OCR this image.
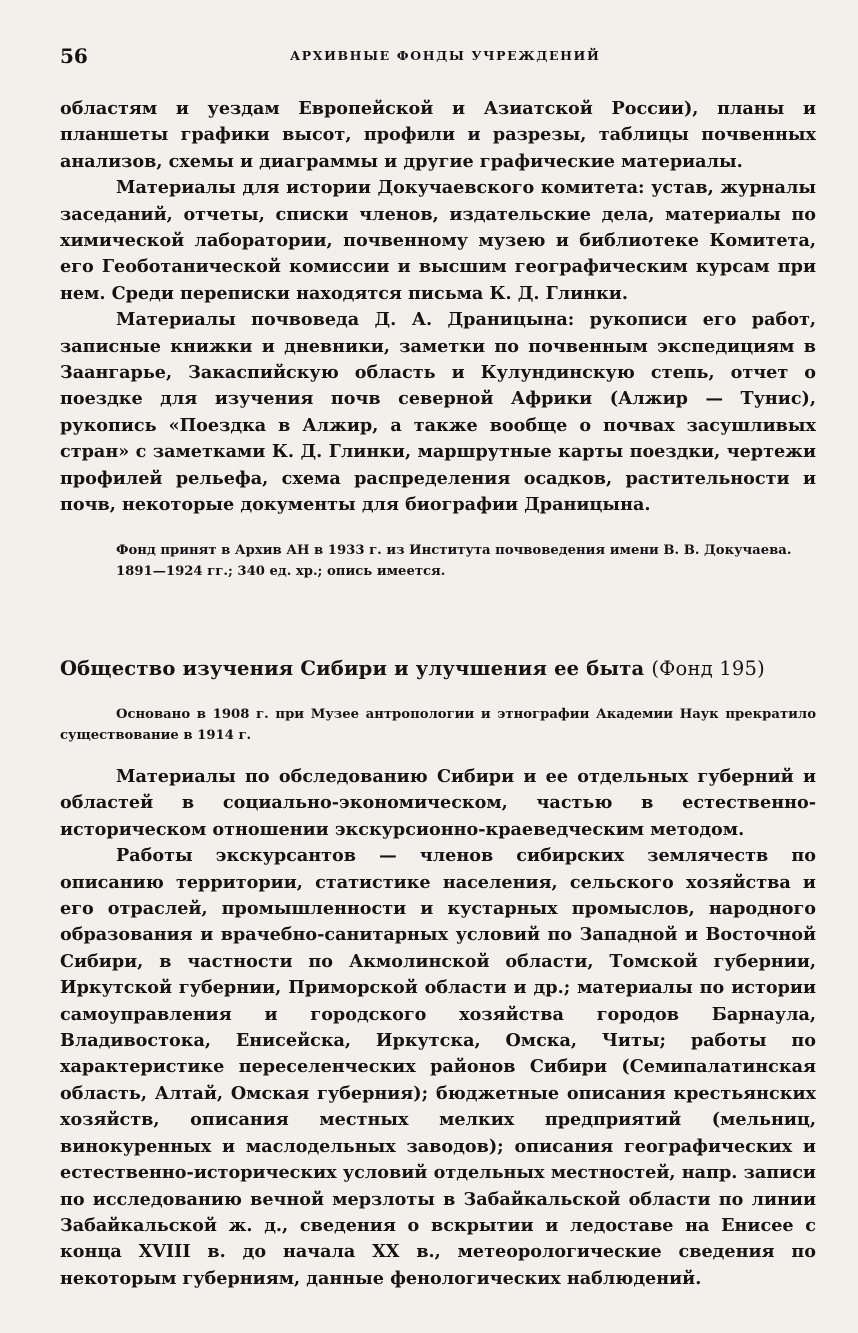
56	АРХИВНЫЕ ФОНДЫ УЧРЕЖДЕНИЙ

областям и уездам Европейской и Азиатской России), планы и планшеты графики высот, профили и разрезы, таблицы почвенных анализов, схемы и диаграммы и другие графические материалы.

Материалы для истории Докучаевского комитета: устав, журналы заседаний, отчеты, списки членов, издательские дела, материалы по химической лаборатории, почвенному музею и библиотеке Комитета, его Геоботанической комиссии и высшим географическим курсам при нем. Среди переписки находятся письма К. Д. Глинки.

Материалы почвоведа Д. А. Драницына: рукописи его работ, записные книжки и дневники, заметки по почвенным экспедициям в Заангарье, Закаспийскую область и Кулундинскую степь, отчет о поездке для изучения почв северной Африки (Алжир — Тунис), рукопись «Поездка в Алжир, а также вообще о почвах засушливых стран» с заметками К. Д. Глинки, маршрутные карты поездки, чертежи профилей рельефа, схема распределения осадков, растительности и почв, некоторые документы для биографии Драницына.

Фонд принят в Архив АН в 1933 г. из Института почвоведения имени В. В. Докучаева.

1891—1924 гг.; 340 ед. хр.; опись имеется.

Общество изучения Сибири и улучшения ее быта (Фонд 195)

Основано в 1908 г. при Музее антропологии и этнографии Академии Наук прекратило существование в 1914 г.

Материалы по обследованию Сибири и ее отдельных губерний и областей в социально-экономическом, частью в естественно-историческом отношении экскурсионно-краеведческим методом.

Работы экскурсантов — членов сибирских землячеств по описанию территории, статистике населения, сельского хозяйства и его отраслей, промышленности и кустарных промыслов, народного образования и врачебно-санитарных условий по Западной и Восточной Сибири, в частности по Акмолинской области, Томской губернии, Иркутской губернии, Приморской области и др.; материалы по истории самоуправления и городского хозяйства городов Барнаула, Владивостока, Енисейска, Иркутска, Омска, Читы; работы по характеристике переселенческих районов Сибири (Семипалатинская область, Алтай, Омская губерния); бюджетные описания крестьянских хозяйств, описания местных мелких предприятий (мельниц, винокуренных и маслодельных заводов); описания географических и естественно-исторических условий отдельных местностей, напр. записи по исследованию вечной мерзлоты в Забайкальской области по линии Забайкальской ж. д., сведения о вскрытии и ледоставе на Енисее с конца XVIII в. до начала XX в., метеорологические сведения по некоторым губерниям, данные фенологических наблюдений.
